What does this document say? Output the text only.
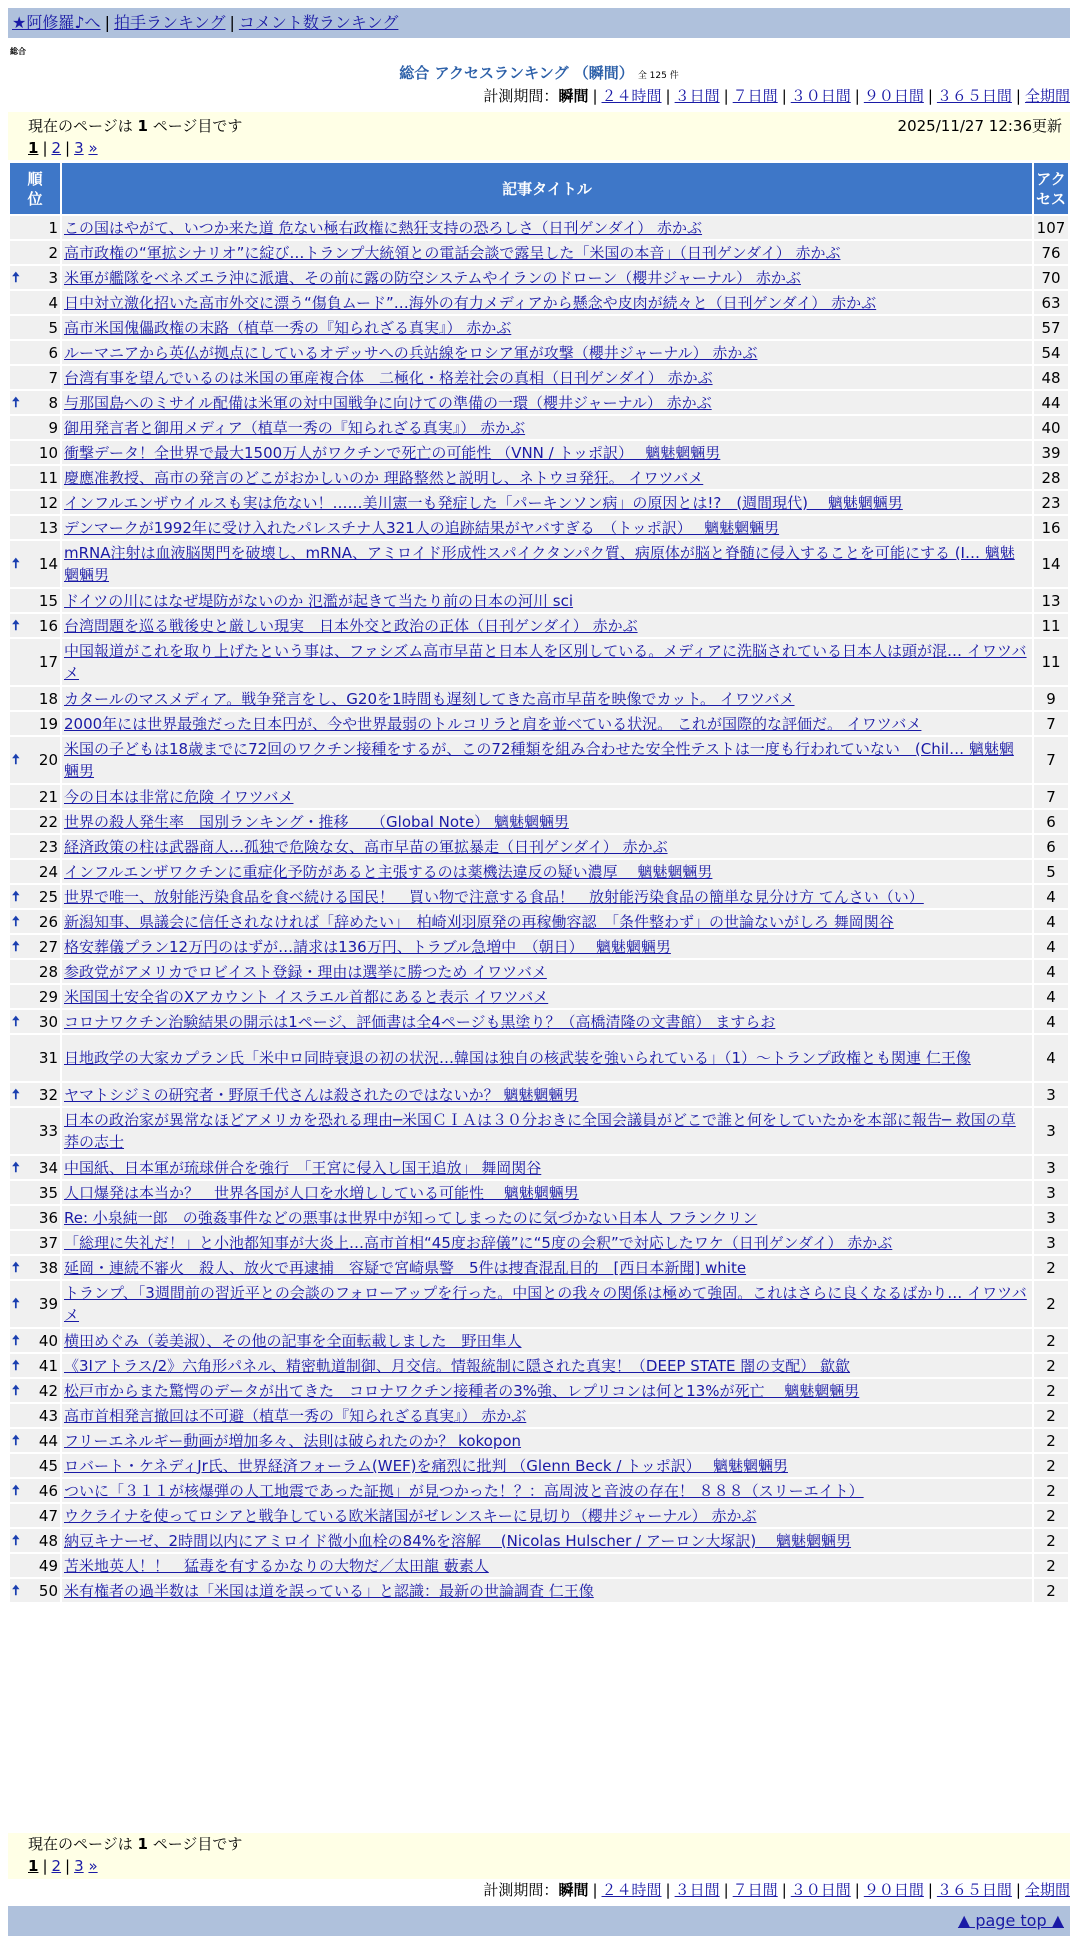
★阿修羅♪へ | 拍手ランキング | コメント数ランキング
総合
総合 アクセスランキング （瞬間） 全 125 件
計測期間：瞬間 | ２４時間 | ３日間 | ７日間 | ３０日間 | ９０日間 | ３６５日間 | 全期間
現在のページは 1 ページ目です	2025/11/27 12:36更新
1 | 2 | 3 »
順
位	記事タイトル	アク
セス
1	この国はやがて、いつか来た道 危ない極右政権に熱狂支持の恐ろしさ（日刊ゲンダイ） 赤かぶ	107
2	高市政権の“軍拡シナリオ”に綻び…トランプ大統領との電話会談で露呈した「米国の本音」（日刊ゲンダイ） 赤かぶ	76

🠅 3	米軍が艦隊をベネズエラ沖に派遣、その前に露の防空システムやイランのドローン（櫻井ジャーナル） 赤かぶ	70
4	日中対立激化招いた高市外交に漂う“傷負ムード”…海外の有力メディアから懸念や皮肉が続々と（日刊ゲンダイ） 赤かぶ	63
5	高市米国傀儡政権の末路（植草一秀の『知られざる真実』） 赤かぶ	57
6	ルーマニアから英仏が拠点にしているオデッサへの兵站線をロシア軍が攻撃（櫻井ジャーナル） 赤かぶ	54
7	台湾有事を望んでいるのは米国の軍産複合体　二極化・格差社会の真相（日刊ゲンダイ） 赤かぶ	48

🠅 8	与那国島へのミサイル配備は米軍の対中国戦争に向けての準備の一環（櫻井ジャーナル） 赤かぶ	44
9	御用発言者と御用メディア（植草一秀の『知られざる真実』） 赤かぶ	40
10	衝撃データ！全世界で最大1500万人がワクチンで死亡の可能性 （VNN / トッポ訳）　 魑魅魍魎男	39
11	慶應准教授、高市の発言のどこがおかしいのか 理路整然と説明し、ネトウヨ発狂。 イワツバメ	28
12	インフルエンザウイルスも実は危ない！……美川憲一も発症した「パーキンソン病」の原因とは!?　(週間現代)　 魑魅魍魎男	23
13	デンマークが1992年に受け入れたパレスチナ人321人の追跡結果がヤバすぎる　（トッポ訳）　 魑魅魍魎男	16

🠅 14	mRNA注射は血液脳関門を破壊し、mRNA、アミロイド形成性スパイクタンパク質、病原体が脳と脊髄に侵入することを可能にする (I… 魑魅魍魎男	14
15	ドイツの川にはなぜ堤防がないのか 氾濫が起きて当たり前の日本の河川 sci	13

🠅 16	台湾問題を巡る戦後史と厳しい現実　日本外交と政治の正体（日刊ゲンダイ） 赤かぶ	11
17	中国報道がこれを取り上げたという事は、ファシズム高市早苗と日本人を区別している。メディアに洗脳されている日本人は頭が混… イワツバメ	11
18	カタールのマスメディア。戦争発言をし、G20を1時間も遅刻してきた高市早苗を映像でカット。 イワツバメ	9
19	2000年には世界最強だった日本円が、今や世界最弱のトルコリラと肩を並べている状況。 これが国際的な評価だ。 イワツバメ	7

🠅 20	米国の子どもは18歳までに72回のワクチン接種をするが、この72種類を組み合わせた安全性テストは一度も行われていない　(Chil… 魑魅魍魎男	7
21	今の日本は非常に危険 イワツバメ	7
22	世界の殺人発生率　国別ランキング・推移　　（Global Note） 魑魅魍魎男	6
23	経済政策の柱は武器商人…孤独で危険な女、高市早苗の軍拡暴走（日刊ゲンダイ） 赤かぶ	6
24	インフルエンザワクチンに重症化予防があると主張するのは薬機法違反の疑い濃厚　 魑魅魍魎男	5

🠅 25	世界で唯一、放射能汚染食品を食べ続ける国民！　買い物で注意する食品！　放射能汚染食品の簡単な見分け方 てんさい（い）	4

🠅 26	新潟知事、県議会に信任されなければ「辞めたい」　柏崎刈羽原発の再稼働容認　「条件整わず」の世論ないがしろ 舞岡関谷	4

🠅 27	格安葬儀プラン12万円のはずが…請求は136万円、トラブル急増中　（朝日）　 魑魅魍魎男	4
28	参政党がアメリカでロビイスト登録・理由は選挙に勝つため イワツバメ	4
29	米国国土安全省のXアカウント イスラエル首都にあると表示 イワツバメ	4

🠅 30	コロナワクチン治験結果の開示は1ページ、評価書は全4ページも黒塗り？（高橋清隆の文書館） ますらお	4
31	日地政学の大家カプラン氏「米中ロ同時衰退の初の状況…韓国は独自の核武装を強いられている」（1）～トランプ政権とも関連 仁王像	4

🠅 32	ヤマトシジミの研究者・野原千代さんは殺されたのではないか？ 魑魅魍魎男	3
33	日本の政治家が異常なほどアメリカを恐れる理由─米国ＣＩＡは３０分おきに全国会議員がどこで誰と何をしていたかを本部に報告─ 救国の草莽の志士	3

🠅 34	中国紙、日本軍が琉球併合を強行　「王宮に侵入し国王追放」 舞岡関谷	3
35	人口爆発は本当か？　世界各国が人口を水増ししている可能性　 魑魅魍魎男	3
36	Re: 小泉純一郎　の強姦事件などの悪事は世界中が知ってしまったのに気づかない日本人 フランクリン	3
37	「総理に失礼だ！」と小池都知事が大炎上…高市首相“45度お辞儀”に“5度の会釈”で対応したワケ（日刊ゲンダイ） 赤かぶ	3

🠅 38	延岡・連続不審火　殺人、放火で再逮捕　容疑で宮崎県警　5件は捜査混乱目的　[西日本新聞] white	2

🠅 39	トランプ、「3週間前の習近平との会談のフォローアップを行った。中国との我々の関係は極めて強固。これはさらに良くなるばかり… イワツバメ	2

🠅 40	横田めぐみ（姜美淑）、その他の記事を全面転載しました　野田隼人	2

🠅 41	《3Iアトラス/2》六角形パネル、精密軌道制御、月交信。情報統制に隠された真実！（DEEP STATE 闇の支配） 歙歙	2

🠅 42	松戸市からまた驚愕のデータが出てきた　コロナワクチン接種者の3%強、レプリコンは何と13%が死亡　 魑魅魍魎男	2
43	高市首相発言撤回は不可避（植草一秀の『知られざる真実』） 赤かぶ	2

🠅 44	フリーエネルギー動画が増加多々、法則は破られたのか？ kokopon	2
45	ロバート・ケネディJr氏、世界経済フォーラム(WEF)を痛烈に批判 （Glenn Beck / トッポ訳）　 魑魅魍魎男	2

🠅 46	ついに「３１１が核爆弾の人工地震であった証拠」が見つかった！？：高周波と音波の存在！ ８８８（スリーエイト）	2
47	ウクライナを使ってロシアと戦争している欧米諸国がゼレンスキーに見切り（櫻井ジャーナル） 赤かぶ	2

🠅 48	納豆キナーゼ、2時間以内にアミロイド微小血栓の84%を溶解　 (Nicolas Hulscher / アーロン大塚訳)　 魑魅魍魎男	2
49	苫米地英人！！　猛毒を有するかなりの大物だ／太田龍 藪素人	2

🠅 50	米有権者の過半数は「米国は道を誤っている」と認識：最新の世論調査 仁王像	2
現在のページは 1 ページ目です
1 | 2 | 3 »
計測期間：瞬間 | ２４時間 | ３日間 | ７日間 | ３０日間 | ９０日間 | ３６５日間 | 全期間
▲ page top ▲
